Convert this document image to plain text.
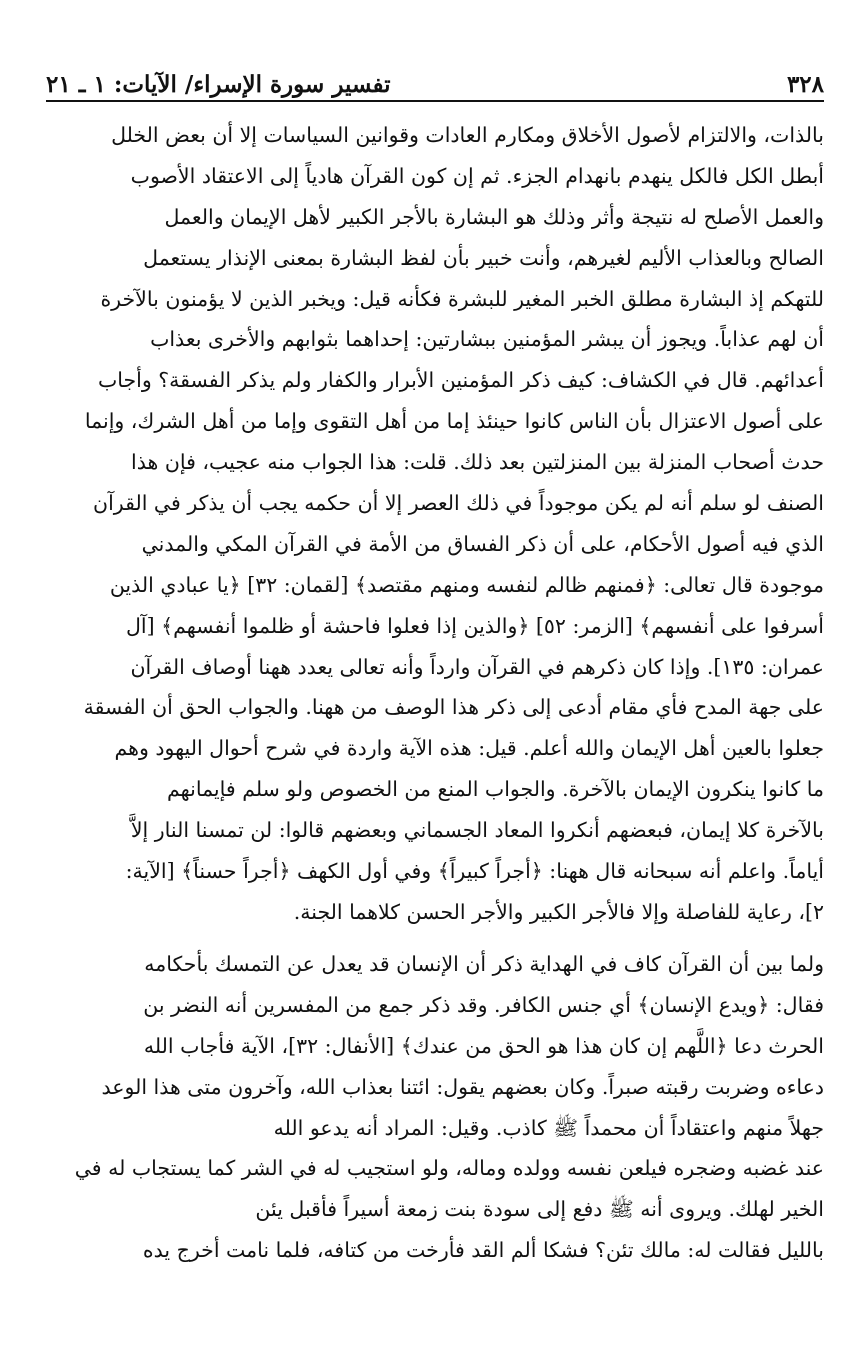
٣٢٨
تفسير سورة الإسراء/ الآيات: ١ ـ ٢١
بالذات، والالتزام لأصول الأخلاق ومكارم العادات وقوانين السياسات إلا أن بعض الخلل
أبطل الكل فالكل ينهدم بانهدام الجزء. ثم إن كون القرآن هادياً إلى الاعتقاد الأصوب
والعمل الأصلح له نتيجة وأثر وذلك هو البشارة بالأجر الكبير لأهل الإيمان والعمل
الصالح وبالعذاب الأليم لغيرهم، وأنت خبير بأن لفظ البشارة بمعنى الإنذار يستعمل
للتهكم إذ البشارة مطلق الخبر المغير للبشرة فكأنه قيل: ويخبر الذين لا يؤمنون بالآخرة
أن لهم عذاباً. ويجوز أن يبشر المؤمنين ببشارتين: إحداهما بثوابهم والأخرى بعذاب
أعدائهم. قال في الكشاف: كيف ذكر المؤمنين الأبرار والكفار ولم يذكر الفسقة؟ وأجاب
على أصول الاعتزال بأن الناس كانوا حينئذ إما من أهل التقوى وإما من أهل الشرك، وإنما
حدث أصحاب المنزلة بين المنزلتين بعد ذلك. قلت: هذا الجواب منه عجيب، فإن هذا
الصنف لو سلم أنه لم يكن موجوداً في ذلك العصر إلا أن حكمه يجب أن يذكر في القرآن
الذي فيه أصول الأحكام، على أن ذكر الفساق من الأمة في القرآن المكي والمدني
موجودة قال تعالى: ﴿فمنهم ظالم لنفسه ومنهم مقتصد﴾ [لقمان: ٣٢] ﴿يا عبادي الذين
أسرفوا على أنفسهم﴾ [الزمر: ٥٢] ﴿والذين إذا فعلوا فاحشة أو ظلموا أنفسهم﴾ [آل
عمران: ١٣٥]. وإذا كان ذكرهم في القرآن وارداً وأنه تعالى يعدد ههنا أوصاف القرآن
على جهة المدح فأي مقام أدعى إلى ذكر هذا الوصف من ههنا. والجواب الحق أن الفسقة
جعلوا بالعين أهل الإيمان والله أعلم. قيل: هذه الآية واردة في شرح أحوال اليهود وهم
ما كانوا ينكرون الإيمان بالآخرة. والجواب المنع من الخصوص ولو سلم فإيمانهم
بالآخرة كلا إيمان، فبعضهم أنكروا المعاد الجسماني وبعضهم قالوا: لن تمسنا النار إلاَّ
أياماً. واعلم أنه سبحانه قال ههنا: ﴿أجراً كبيراً﴾ وفي أول الكهف ﴿أجراً حسناً﴾ [الآية:
٢]، رعاية للفاصلة وإلا فالأجر الكبير والأجر الحسن كلاهما الجنة.
ولما بين أن القرآن كاف في الهداية ذكر أن الإنسان قد يعدل عن التمسك بأحكامه
فقال: ﴿ويدع الإنسان﴾ أي جنس الكافر. وقد ذكر جمع من المفسرين أنه النضر بن
الحرث دعا ﴿اللَّهم إن كان هذا هو الحق من عندك﴾ [الأنفال: ٣٢]، الآية فأجاب الله
دعاءه وضربت رقبته صبراً. وكان بعضهم يقول: ائتنا بعذاب الله، وآخرون متى هذا الوعد
جهلاً منهم واعتقاداً أن محمداً ﷺ كاذب. وقيل: المراد أنه يدعو الله
عند غضبه وضجره فيلعن نفسه وولده وماله، ولو استجيب له في الشر كما يستجاب له في
الخير لهلك. ويروى أنه ﷺ دفع إلى سودة بنت زمعة أسيراً فأقبل يئن
بالليل فقالت له: مالك تئن؟ فشكا ألم القد فأرخت من كتافه، فلما نامت أخرج يده
